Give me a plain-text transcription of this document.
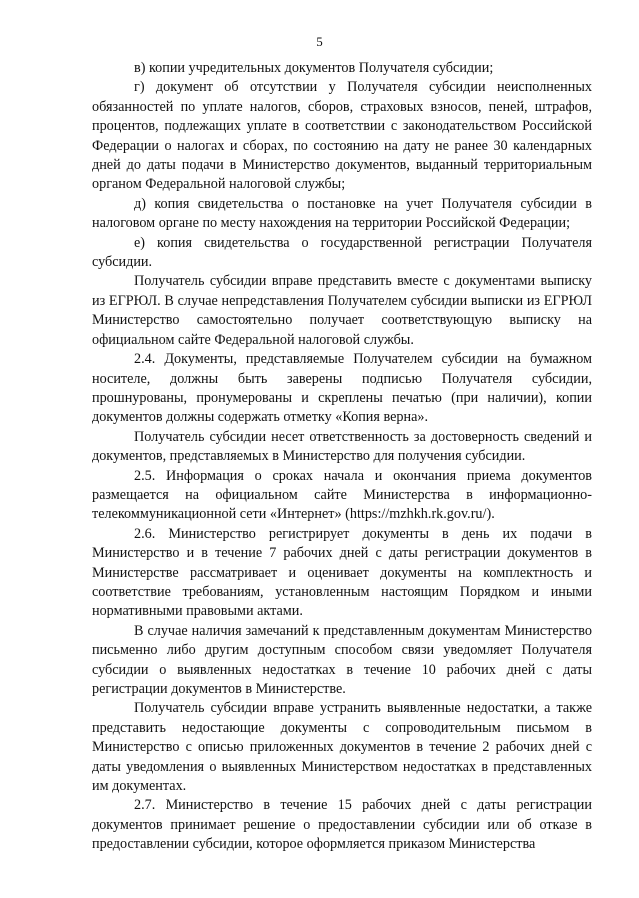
5

в) копии учредительных документов Получателя субсидии;

г) документ об отсутствии у Получателя субсидии неисполненных обязанностей по уплате налогов, сборов, страховых взносов, пеней, штрафов, процентов, подлежащих уплате в соответствии с законодательством Российской Федерации о налогах и сборах, по состоянию на дату не ранее 30 календарных дней до даты подачи в Министерство документов, выданный территориальным органом Федеральной налоговой службы;

д) копия свидетельства о постановке на учет Получателя субсидии в налоговом органе по месту нахождения на территории Российской Федерации;

е) копия свидетельства о государственной регистрации Получателя субсидии.

Получатель субсидии вправе представить вместе с документами выписку из ЕГРЮЛ. В случае непредставления Получателем субсидии выписки из ЕГРЮЛ Министерство самостоятельно получает соответствующую выписку на официальном сайте Федеральной налоговой службы.

2.4. Документы, представляемые Получателем субсидии на бумажном носителе, должны быть заверены подписью Получателя субсидии, прошнурованы, пронумерованы и скреплены печатью (при наличии), копии документов должны содержать отметку «Копия верна».

Получатель субсидии несет ответственность за достоверность сведений и документов, представляемых в Министерство для получения субсидии.

2.5. Информация о сроках начала и окончания приема документов размещается на официальном сайте Министерства в информационно-телекоммуникационной сети «Интернет» (https://mzhkh.rk.gov.ru/).

2.6. Министерство регистрирует документы в день их подачи в Министерство и в течение 7 рабочих дней с даты регистрации документов в Министерстве рассматривает и оценивает документы на комплектность и соответствие требованиям, установленным настоящим Порядком и иными нормативными правовыми актами.

В случае наличия замечаний к представленным документам Министерство письменно либо другим доступным способом связи уведомляет Получателя субсидии о выявленных недостатках в течение 10 рабочих дней с даты регистрации документов в Министерстве.

Получатель субсидии вправе устранить выявленные недостатки, а также представить недостающие документы с сопроводительным письмом в Министерство с описью приложенных документов в течение 2 рабочих дней с даты уведомления о выявленных Министерством недостатках в представленных им документах.

2.7. Министерство в течение 15 рабочих дней с даты регистрации документов принимает решение о предоставлении субсидии или об отказе в предоставлении субсидии, которое оформляется приказом Министерства
